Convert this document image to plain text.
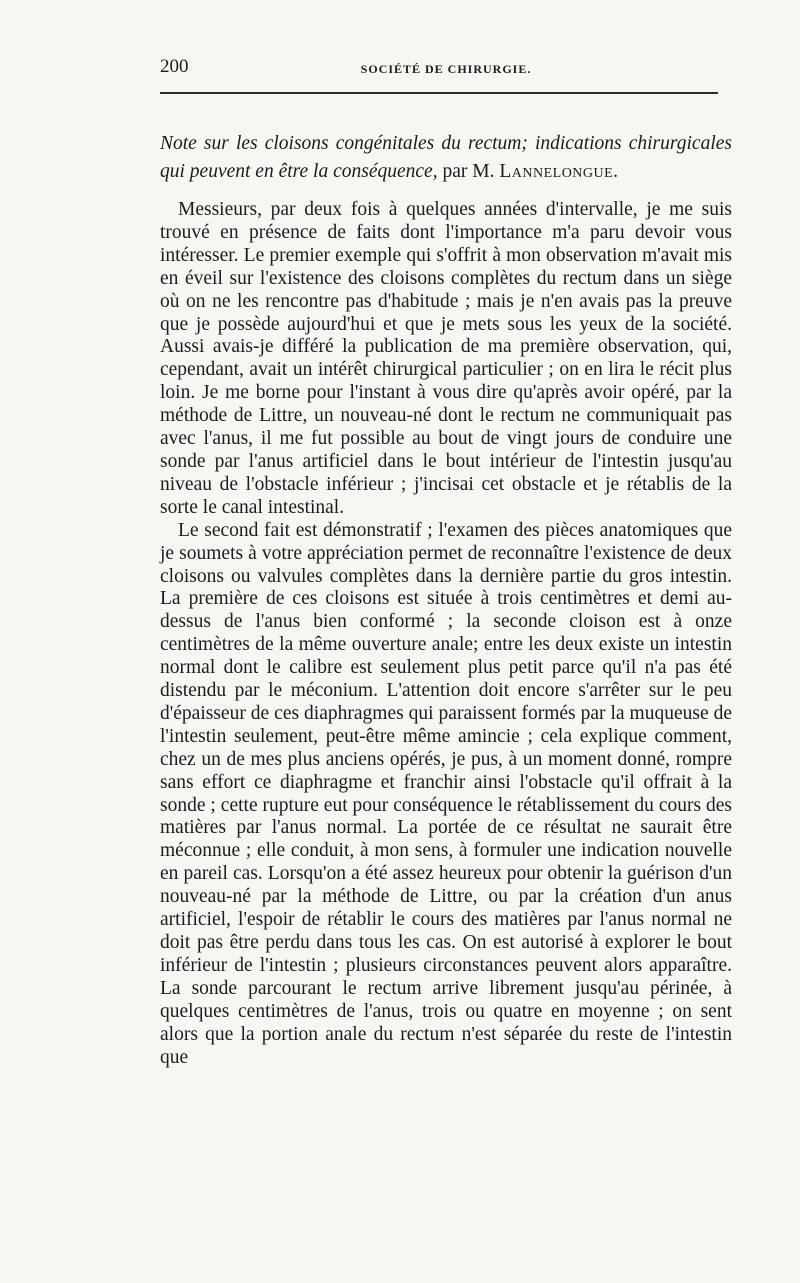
200	SOCIÉTÉ DE CHIRURGIE.
Note sur les cloisons congénitales du rectum; indications chirurgicales qui peuvent en être la conséquence, par M. Lannelongue.

Messieurs, par deux fois à quelques années d'intervalle, je me suis trouvé en présence de faits dont l'importance m'a paru devoir vous intéresser. Le premier exemple qui s'offrit à mon observation m'avait mis en éveil sur l'existence des cloisons complètes du rectum dans un siège où on ne les rencontre pas d'habitude ; mais je n'en avais pas la preuve que je possède aujourd'hui et que je mets sous les yeux de la société. Aussi avais-je différé la publication de ma première observation, qui, cependant, avait un intérêt chirurgical particulier ; on en lira le récit plus loin. Je me borne pour l'instant à vous dire qu'après avoir opéré, par la méthode de Littre, un nouveau-né dont le rectum ne communiquait pas avec l'anus, il me fut possible au bout de vingt jours de conduire une sonde par l'anus artificiel dans le bout intérieur de l'intestin jusqu'au niveau de l'obstacle inférieur ; j'incisai cet obstacle et je rétablis de la sorte le canal intestinal.

Le second fait est démonstratif ; l'examen des pièces anatomiques que je soumets à votre appréciation permet de reconnaître l'existence de deux cloisons ou valvules complètes dans la dernière partie du gros intestin. La première de ces cloisons est située à trois centimètres et demi au-dessus de l'anus bien conformé ; la seconde cloison est à onze centimètres de la même ouverture anale; entre les deux existe un intestin normal dont le calibre est seulement plus petit parce qu'il n'a pas été distendu par le méconium. L'attention doit encore s'arrêter sur le peu d'épaisseur de ces diaphragmes qui paraissent formés par la muqueuse de l'intestin seulement, peut-être même amincie ; cela explique comment, chez un de mes plus anciens opérés, je pus, à un moment donné, rompre sans effort ce diaphragme et franchir ainsi l'obstacle qu'il offrait à la sonde ; cette rupture eut pour conséquence le rétablissement du cours des matières par l'anus normal. La portée de ce résultat ne saurait être méconnue ; elle conduit, à mon sens, à formuler une indication nouvelle en pareil cas. Lorsqu'on a été assez heureux pour obtenir la guérison d'un nouveau-né par la méthode de Littre, ou par la création d'un anus artificiel, l'espoir de rétablir le cours des matières par l'anus normal ne doit pas être perdu dans tous les cas. On est autorisé à explorer le bout inférieur de l'intestin ; plusieurs circonstances peuvent alors apparaître. La sonde parcourant le rectum arrive librement jusqu'au périnée, à quelques centimètres de l'anus, trois ou quatre en moyenne ; on sent alors que la portion anale du rectum n'est séparée du reste de l'intestin que
